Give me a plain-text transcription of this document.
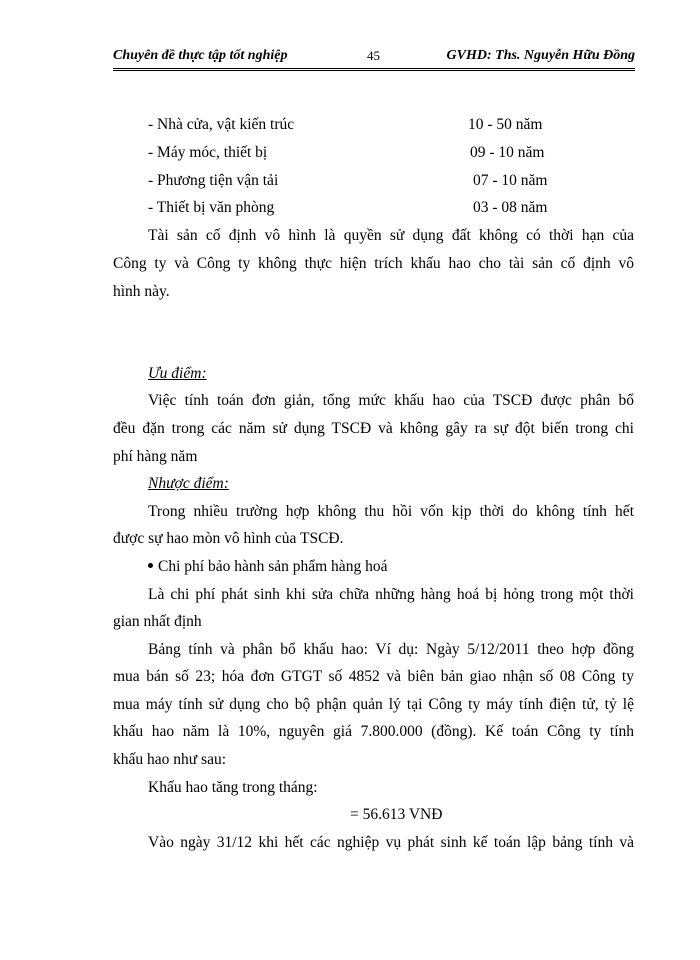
Chuyên đề thực tập tốt nghiệp	45	GVHD: Ths. Nguyễn Hữu Đồng
- Nhà cửa, vật kiến trúc	10 - 50 năm
- Máy móc, thiết bị	09 - 10 năm
- Phương tiện vận tải	07 - 10 năm
- Thiết bị văn phòng	03 - 08 năm
Tài sản cố định vô hình là quyền sử dụng đất không có thời hạn của
Công ty và Công ty không thực hiện trích khấu hao cho tài sản cố định vô
hình này.
Ưu điểm:
Việc tính toán đơn giản, tổng mức khấu hao của TSCĐ được phân bổ
đều đặn trong các năm sử dụng TSCĐ và không gây ra sự đột biến trong chi
phí hàng năm
Nhược điểm:
Trong nhiều trường hợp không thu hồi vốn kịp thời do không tính hết
được sự hao mòn vô hình của TSCĐ.
Chi phí bảo hành sản phẩm hàng hoá
Là chi phí phát sinh khi sửa chữa những hàng hoá bị hỏng trong một thời
gian nhất định
Bảng tính và phân bổ khấu hao: Ví dụ: Ngày 5/12/2011 theo hợp đồng
mua bán số 23; hóa đơn GTGT số 4852 và biên bản giao nhận số 08 Công ty
mua máy tính sử dụng cho bộ phận quản lý tại Công ty máy tính điện tử, tỷ lệ
khấu hao năm là 10%, nguyên giá 7.800.000 (đồng). Kế toán Công ty tính
khấu hao như sau:
Khấu hao tăng trong tháng:
= 56.613 VNĐ
Vào ngày 31/12 khi hết các nghiệp vụ phát sinh kế toán lập bảng tính và
